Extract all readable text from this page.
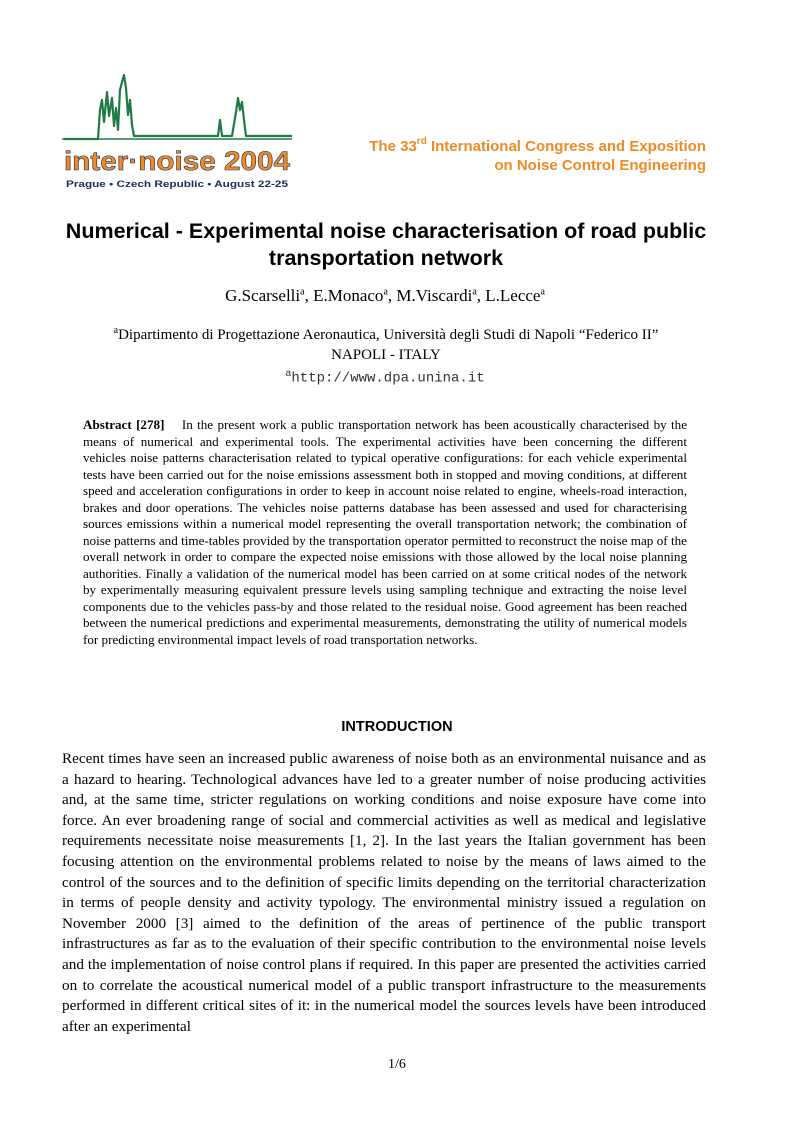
inter·noise 2004
Prague • Czech Republic • August 22-25
The 33rd International Congress and Exposition
on Noise Control Engineering
Numerical - Experimental noise characterisation of road public transportation network
G.Scarselli$^a$, E.Monaco$^a$, M.Viscardi$^a$, L.Lecce$^a$
$^a$Dipartimento di Progettazione Aeronautica, Università degli Studi di Napoli “Federico II”
NAPOLI - ITALY
$^a$http://www.dpa.unina.it
Abstract [278] In the present work a public transportation network has been acoustically characterised by the means of numerical and experimental tools. The experimental activities have been concerning the different vehicles noise patterns characterisation related to typical operative configurations: for each vehicle experimental tests have been carried out for the noise emissions assessment both in stopped and moving conditions, at different speed and acceleration configurations in order to keep in account noise related to engine, wheels-road interaction, brakes and door operations. The vehicles noise patterns database has been assessed and used for characterising sources emissions within a numerical model representing the overall transportation network; the combination of noise patterns and time-tables provided by the transportation operator permitted to reconstruct the noise map of the overall network in order to compare the expected noise emissions with those allowed by the local noise planning authorities. Finally a validation of the numerical model has been carried on at some critical nodes of the network by experimentally measuring equivalent pressure levels using sampling technique and extracting the noise level components due to the vehicles pass-by and those related to the residual noise. Good agreement has been reached between the numerical predictions and experimental measurements, demonstrating the utility of numerical models for predicting environmental impact levels of road transportation networks.
INTRODUCTION
Recent times have seen an increased public awareness of noise both as an environmental nuisance and as a hazard to hearing. Technological advances have led to a greater number of noise producing activities and, at the same time, stricter regulations on working conditions and noise exposure have come into force. An ever broadening range of social and commercial activities as well as medical and legislative requirements necessitate noise measurements [1, 2]. In the last years the Italian government has been focusing attention on the environmental problems related to noise by the means of laws aimed to the control of the sources and to the definition of specific limits depending on the territorial characterization in terms of people density and activity typology. The environmental ministry issued a regulation on November 2000 [3] aimed to the definition of the areas of pertinence of the public transport infrastructures as far as to the evaluation of their specific contribution to the environmental noise levels and the implementation of noise control plans if required. In this paper are presented the activities carried on to correlate the acoustical numerical model of a public transport infrastructure to the measurements performed in different critical sites of it: in the numerical model the sources levels have been introduced after an experimental
1/6
